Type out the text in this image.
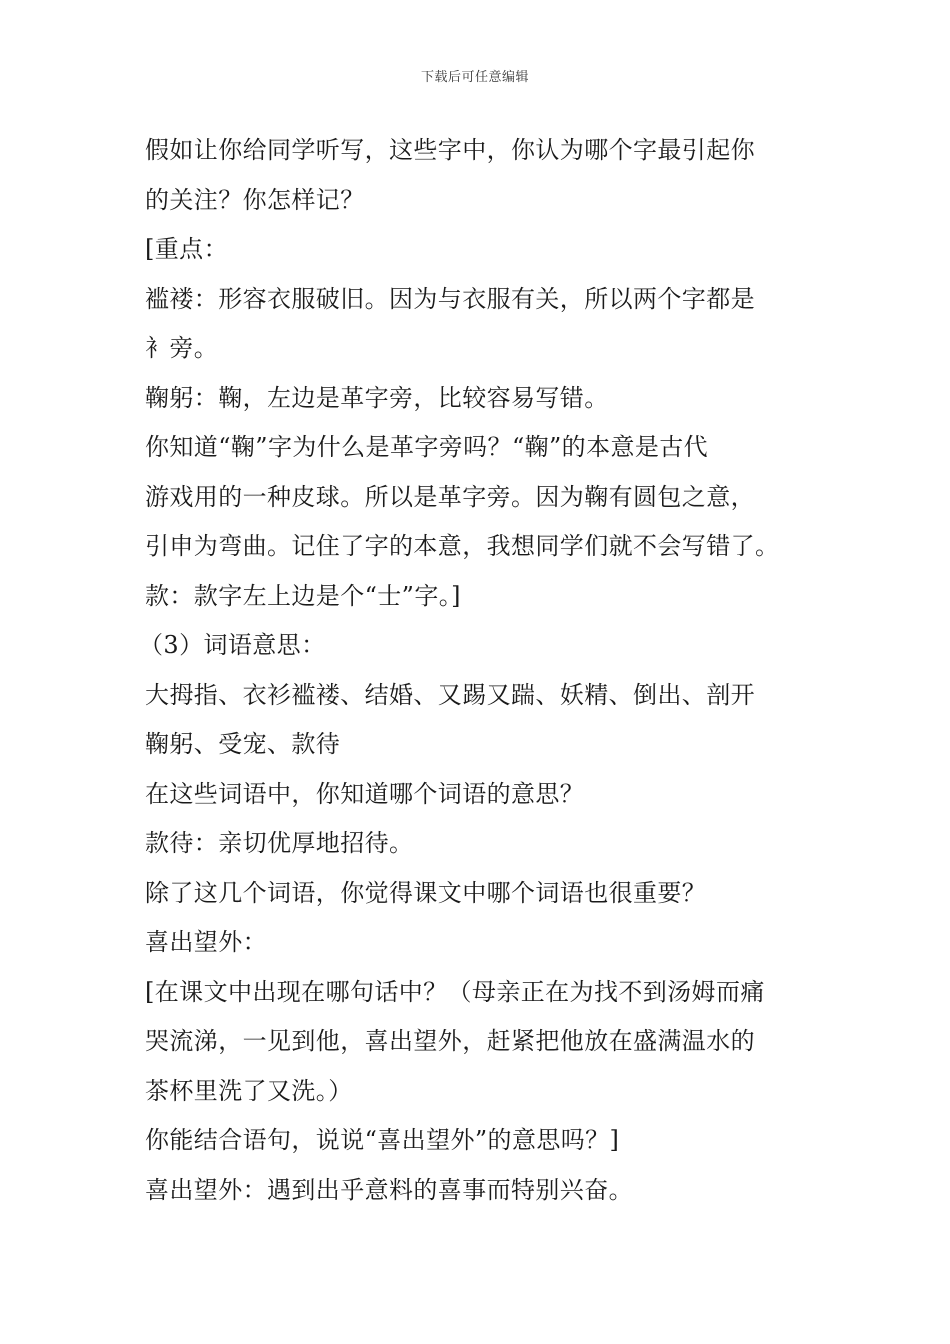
下载后可任意编辑
假如让你给同学听写，这些字中，你认为哪个字最引起你
的关注？你怎样记？
[重点：
褴褛：形容衣服破旧。因为与衣服有关，所以两个字都是
衤旁。
鞠躬：鞠，左边是革字旁，比较容易写错。
你知道“鞠”字为什么是革字旁吗？“鞠”的本意是古代
游戏用的一种皮球。所以是革字旁。因为鞠有圆包之意，
引申为弯曲。记住了字的本意，我想同学们就不会写错了。
款：款字左上边是个“士”字。]
（3）词语意思：
大拇指、衣衫褴褛、结婚、又踢又踹、妖精、倒出、剖开
鞠躬、受宠、款待
在这些词语中，你知道哪个词语的意思？
款待：亲切优厚地招待。
除了这几个词语，你觉得课文中哪个词语也很重要？
喜出望外：
[在课文中出现在哪句话中？（母亲正在为找不到汤姆而痛
哭流涕，一见到他，喜出望外，赶紧把他放在盛满温水的
茶杯里洗了又洗。）
你能结合语句，说说“喜出望外”的意思吗？]
喜出望外：遇到出乎意料的喜事而特别兴奋。
